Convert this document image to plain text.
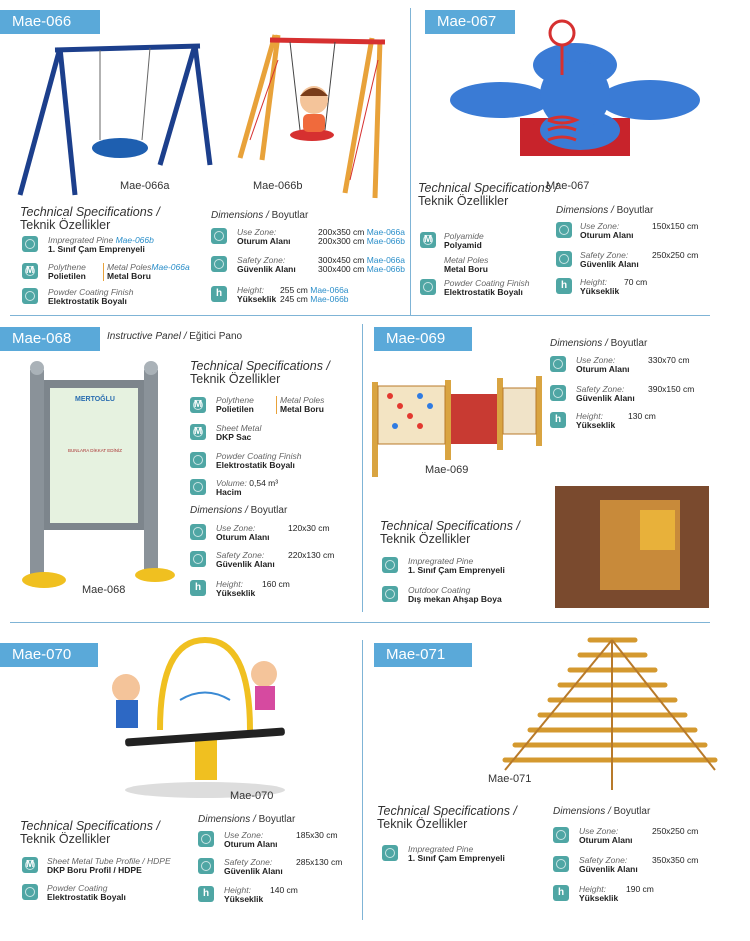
Mae-066
Mae-066a	Mae-066b
Technical Specifications /
Teknik Özellikler
Impregrated Pine Mae-066b
1. Sınıf Çam Emprenyeli
M	Polythene
Polietilen
Metal PolesMae-066a
Metal Boru
Powder Coating Finish
Elektrostatik Boyalı
Dimensions / Boyutlar
Use Zone:
Oturum Alanı
200x350 cm Mae-066a
200x300 cm Mae-066b
Safety Zone:
Güvenlik Alanı
300x450 cm Mae-066a
300x400 cm Mae-066b
h	Height:
Yükseklik
255 cm Mae-066a
245 cm Mae-066b
Mae-067
Mae-067
Technical Specifications /
Teknik Özellikler
M	Polyamide
Polyamid
Metal Poles
Metal Boru
Powder Coating Finish
Elektrostatik Boyalı
Dimensions / Boyutlar
Use Zone:
Oturum Alanı
150x150 cm
Safety Zone:
Güvenlik Alanı
250x250 cm
h	Height:
Yükseklik
70 cm
Mae-068	Instructive Panel / Eğitici Pano
MERTOĞLU
BUNLARA DİKKAT EDİNİZ
Mae-068
Technical Specifications /
Teknik Özellikler
M	Polythene
Polietilen
Metal Poles
Metal Boru
M	Sheet Metal
DKP Sac
Powder Coating Finish
Elektrostatik Boyalı
Volume: 0,54 m³
Hacim
Dimensions / Boyutlar
Use Zone:
Oturum Alanı
120x30 cm
Safety Zone:
Güvenlik Alanı
220x130 cm
h	Height:
Yükseklik
160 cm
Mae-069
Mae-069
Dimensions / Boyutlar
Use Zone:
Oturum Alanı
330x70 cm
Safety Zone:
Güvenlik Alanı
390x150 cm
h	Height:
Yükseklik
130 cm
Technical Specifications /
Teknik Özellikler
Impregrated Pine
1. Sınıf Çam Emprenyeli
Outdoor Coating
Dış mekan Ahşap Boya
Mae-070
Mae-070
Technical Specifications /
Teknik Özellikler
M	Sheet Metal Tube Profile / HDPE
DKP Boru Profil / HDPE
Powder Coating
Elektrostatik Boyalı
Dimensions / Boyutlar
Use Zone:
Oturum Alanı
185x30 cm
Safety Zone:
Güvenlik Alanı
285x130 cm
h	Height:
Yükseklik
140 cm
Mae-071
Mae-071
Technical Specifications /
Teknik Özellikler
Impregrated Pine
1. Sınıf Çam Emprenyeli
Dimensions / Boyutlar
Use Zone:
Oturum Alanı
250x250 cm
Safety Zone:
Güvenlik Alanı
350x350 cm
h	Height:
Yükseklik
190 cm
